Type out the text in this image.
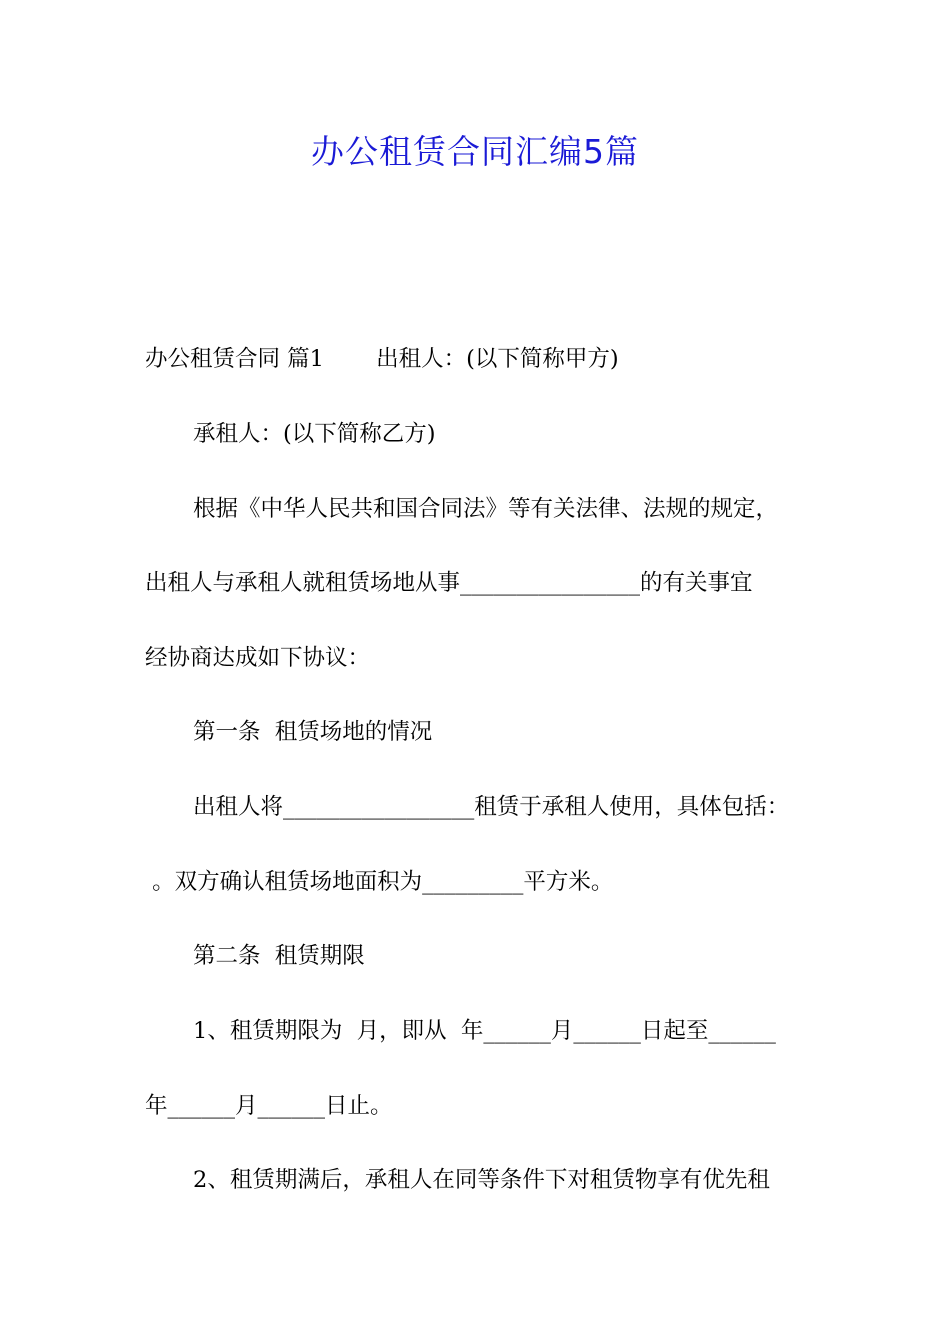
办公租赁合同汇编5篇
办公租赁合同 篇1　　 出租人：(以下简称甲方)
承租人：(以下简称乙方)
根据《中华人民共和国合同法》等有关法律、法规的规定，
出租人与承租人就租赁场地从事________________的有关事宜
经协商达成如下协议：
第一条  租赁场地的情况
出租人将_________________租赁于承租人使用，具体包括：
。双方确认租赁场地面积为_________平方米。
第二条  租赁期限
1、租赁期限为  月，即从  年______月______日起至______
年______月______日止。
2、租赁期满后，承租人在同等条件下对租赁物享有优先租
